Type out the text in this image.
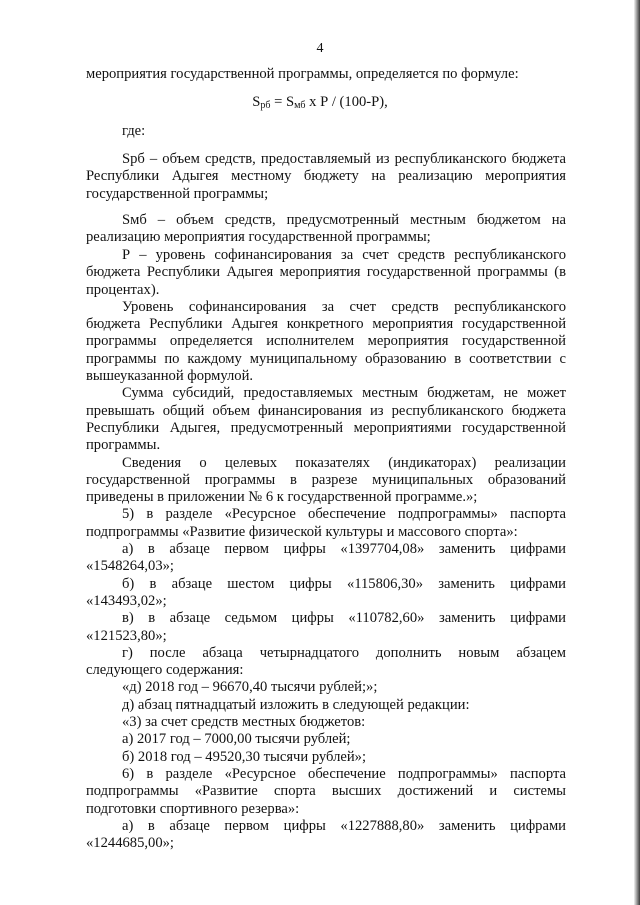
4
мероприятия государственной программы, определяется по формуле:
$S_{рб} = S_{мб}$ x Р / (100-Р),
где:
Sрб – объем средств, предоставляемый из республиканского бюджета
Республики Адыгея местному бюджету на реализацию мероприятия
государственной программы;
Sмб – объем средств, предусмотренный местным бюджетом на
реализацию мероприятия государственной программы;
Р – уровень софинансирования за счет средств республиканского
бюджета Республики Адыгея мероприятия государственной программы (в
процентах).
Уровень софинансирования за счет средств республиканского
бюджета Республики Адыгея конкретного мероприятия государственной
программы определяется исполнителем мероприятия государственной
программы по каждому муниципальному образованию в соответствии с
вышеуказанной формулой.
Сумма субсидий, предоставляемых местным бюджетам, не может
превышать общий объем финансирования из республиканского бюджета
Республики Адыгея, предусмотренный мероприятиями государственной
программы.
Сведения о целевых показателях (индикаторах) реализации
государственной программы в разрезе муниципальных образований
приведены в приложении № 6 к государственной программе.»;
5) в разделе «Ресурсное обеспечение подпрограммы» паспорта
подпрограммы «Развитие физической культуры и массового спорта»:
а) в абзаце первом цифры «1397704,08» заменить цифрами
«1548264,03»;
б) в абзаце шестом цифры «115806,30» заменить цифрами
«143493,02»;
в) в абзаце седьмом цифры «110782,60» заменить цифрами
«121523,80»;
г) после абзаца четырнадцатого дополнить новым абзацем
следующего содержания:
«д) 2018 год – 96670,40 тысячи рублей;»;
д) абзац пятнадцатый изложить в следующей редакции:
«3) за счет средств местных бюджетов:
а) 2017 год – 7000,00 тысячи рублей;
б) 2018 год – 49520,30 тысячи рублей»;
6) в разделе «Ресурсное обеспечение подпрограммы» паспорта
подпрограммы «Развитие спорта высших достижений и системы
подготовки спортивного резерва»:
а) в абзаце первом цифры «1227888,80» заменить цифрами
«1244685,00»;
